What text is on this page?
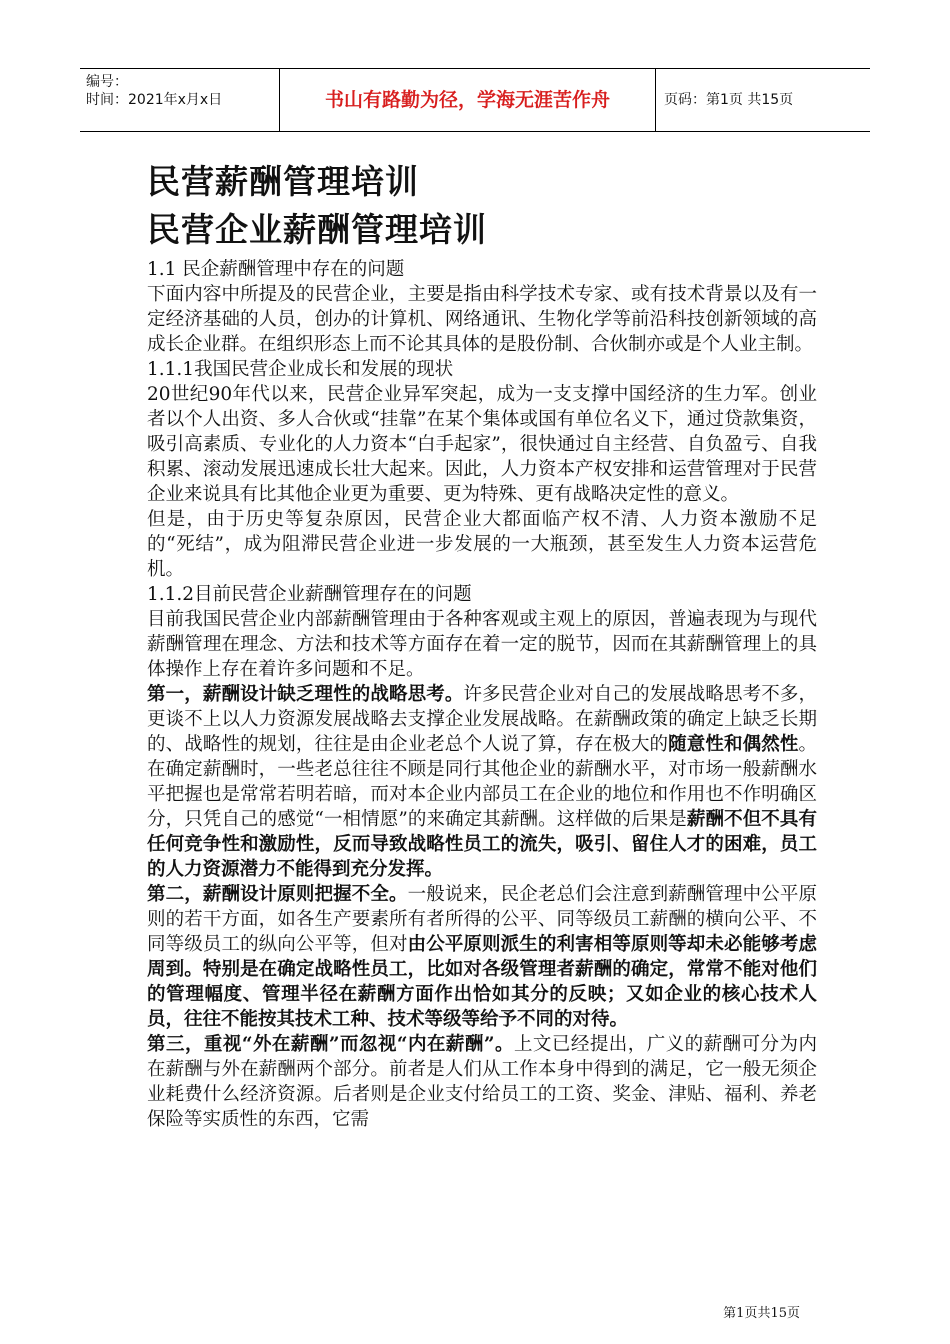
编号：
时间：2021年x月x日	书山有路勤为径，学海无涯苦作舟	页码：第1页 共15页
民营薪酬管理培训
民营企业薪酬管理培训

1.1 民企薪酬管理中存在的问题

下面内容中所提及的民营企业，主要是指由科学技术专家、或有技术背景以及有一定经济基础的人员，创办的计算机、网络通讯、生物化学等前沿科技创新领域的高成长企业群。在组织形态上而不论其具体的是股份制、合伙制亦或是个人业主制。

1.1.1我国民营企业成长和发展的现状

20世纪90年代以来，民营企业异军突起，成为一支支撑中国经济的生力军。创业者以个人出资、多人合伙或“挂靠”在某个集体或国有单位名义下，通过贷款集资，吸引高素质、专业化的人力资本“白手起家”，很快通过自主经营、自负盈亏、自我积累、滚动发展迅速成长壮大起来。因此，人力资本产权安排和运营管理对于民营企业来说具有比其他企业更为重要、更为特殊、更有战略决定性的意义。

但是，由于历史等复杂原因，民营企业大都面临产权不清、人力资本激励不足的“死结”，成为阻滞民营企业进一步发展的一大瓶颈，甚至发生人力资本运营危机。

1.1.2目前民营企业薪酬管理存在的问题

目前我国民营企业内部薪酬管理由于各种客观或主观上的原因，普遍表现为与现代薪酬管理在理念、方法和技术等方面存在着一定的脱节，因而在其薪酬管理上的具体操作上存在着许多问题和不足。

第一，薪酬设计缺乏理性的战略思考。许多民营企业对自己的发展战略思考不多，更谈不上以人力资源发展战略去支撑企业发展战略。在薪酬政策的确定上缺乏长期的、战略性的规划，往往是由企业老总个人说了算，存在极大的随意性和偶然性。在确定薪酬时，一些老总往往不顾是同行其他企业的薪酬水平，对市场一般薪酬水平把握也是常常若明若暗，而对本企业内部员工在企业的地位和作用也不作明确区分，只凭自己的感觉“一相情愿”的来确定其薪酬。这样做的后果是薪酬不但不具有任何竞争性和激励性，反而导致战略性员工的流失，吸引、留住人才的困难，员工的人力资源潜力不能得到充分发挥。

第二，薪酬设计原则把握不全。一般说来，民企老总们会注意到薪酬管理中公平原则的若干方面，如各生产要素所有者所得的公平、同等级员工薪酬的横向公平、不同等级员工的纵向公平等，但对由公平原则派生的利害相等原则等却未必能够考虑周到。特别是在确定战略性员工，比如对各级管理者薪酬的确定，常常不能对他们的管理幅度、管理半径在薪酬方面作出恰如其分的反映；又如企业的核心技术人员，往往不能按其技术工种、技术等级等给予不同的对待。

第三，重视“外在薪酬”而忽视“内在薪酬”。上文已经提出，广义的薪酬可分为内在薪酬与外在薪酬两个部分。前者是人们从工作本身中得到的满足，它一般无须企业耗费什么经济资源。后者则是企业支付给员工的工资、奖金、津贴、福利、养老保险等实质性的东西，它需

第1页共15页
